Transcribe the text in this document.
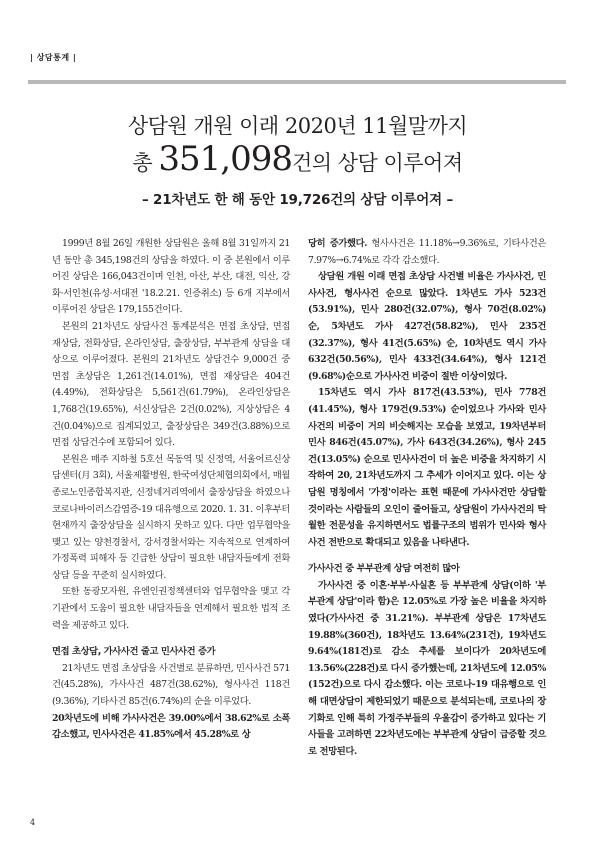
| 상담통계 |
상담원 개원 이래 2020년 11월말까지
총 351,098건의 상담 이루어져
– 21차년도 한 해 동안 19,726건의 상담 이루어져 –

1999년 8월 26일 개원한 상담원은 올해 8월 31일까지 21년 동안 총 345,198건의 상담을 하였다. 이 중 본원에서 이루어진 상담은 166,043건이며 인천, 아산, 부산, 대전, 익산, 강화·서인천(유성·서대전 '18.2.21. 인증취소) 등 6개 지부에서 이루어진 상담은 179,155건이다.

본원의 21차년도 상담사건 통계분석은 면접 초상담, 면접 재상담, 전화상담, 온라인상담, 출장상담, 부부관계 상담을 대상으로 이루어졌다. 본원의 21차년도 상담건수 9,000건 중 면접 초상담은 1,261건(14.01%), 면접 재상담은 404건(4.49%), 전화상담은 5,561건(61.79%), 온라인상담은 1,768건(19.65%), 서신상담은 2건(0.02%), 지상상담은 4건(0.04%)으로 집계되었고, 출장상담은 349건(3.88%)으로 면접 상담건수에 포함되어 있다.

본원은 매주 지하철 5호선 목동역 및 신정역, 서울어르신상담센터(月 3회), 서울제활병원, 한국여성단체협의회에서, 매월 종로노인종합복지관, 신정네거리역에서 출장상담을 하였으나 코로나바이러스감염증-19 대유행으로 2020. 1. 31. 이후부터 현재까지 출장상담을 실시하지 못하고 있다. 다만 업무협약을 맺고 있는 양천경찰서, 강서경찰서와는 지속적으로 연계하여 가정폭력 피해자 등 긴급한 상담이 필요한 내담자들에게 전화상담 등을 꾸준히 실시하였다.

또한 동광모자원, 유엔인권정책센터와 업무협약을 맺고 각 기관에서 도움이 필요한 내담자들을 연계해서 필요한 법적 조력을 제공하고 있다.

면접 초상담, 가사사건 줄고 민사사건 증가

21차년도 면접 초상담을 사건별로 분류하면, 민사사건 571건(45.28%), 가사사건 487건(38.62%), 형사사건 118건(9.36%), 기타사건 85건(6.74%)의 순을 이루었다.

20차년도에 비해 가사사건은 39.00%에서 38.62%로 소폭 감소했고, 민사사건은 41.85%에서 45.28%로 상

당히 증가했다. 형사사건은 11.18%→9.36%로, 기타사건은 7.97%→6.74%로 각각 감소했다.

상담원 개원 이래 면접 초상담 사건별 비율은 가사사건, 민사사건, 형사사건 순으로 많았다. 1차년도 가사 523건(53.91%), 민사 280건(32.07%), 형사 70건(8.02%) 순, 5차년도 가사 427건(58.82%), 민사 235건(32.37%), 형사 41건(5.65%) 순, 10차년도 역시 가사 632건(50.56%), 민사 433건(34.64%), 형사 121건(9.68%)순으로 가사사건 비중이 절반 이상이었다.

15차년도 역시 가사 817건(43.53%), 민사 778건(41.45%), 형사 179건(9.53%) 순이었으나 가사와 민사사건의 비중이 거의 비슷해지는 모습을 보였고, 19차년부터 민사 846건(45.07%), 가사 643건(34.26%), 형사 245건(13.05%) 순으로 민사사건이 더 높은 비중을 차지하기 시작하여 20, 21차년도까지 그 추세가 이어지고 있다. 이는 상담원 명칭에서 '가정'이라는 표현 때문에 가사사건만 상담할 것이라는 사람들의 오인이 줄어들고, 상담원이 가사사건의 탁월한 전문성을 유지하면서도 법률구조의 범위가 민사와 형사사건 전반으로 확대되고 있음을 나타낸다.

가사사건 중 부부관계 상담 여전히 많아

가사사건 중 이혼·부부·사실혼 등 부부관계 상담(이하 '부부관계 상담'이라 함)은 12.05%로 가장 높은 비율을 차지하였다(가사사건 중 31.21%). 부부관계 상담은 17차년도 19.88%(360건), 18차년도 13.64%(231건), 19차년도 9.64%(181건)로 감소 추세를 보이다가 20차년도에 13.56%(228건)로 다시 증가했는데, 21차년도에 12.05%(152건)으로 다시 감소했다. 이는 코로나-19 대유행으로 인해 대면상담이 제한되었기 때문으로 분석되는데, 코로나의 장기화로 인해 특히 가정주부들의 우울감이 증가하고 있다는 기사들을 고려하면 22차년도에는 부부관계 상담이 급증할 것으로 전망된다.

4
